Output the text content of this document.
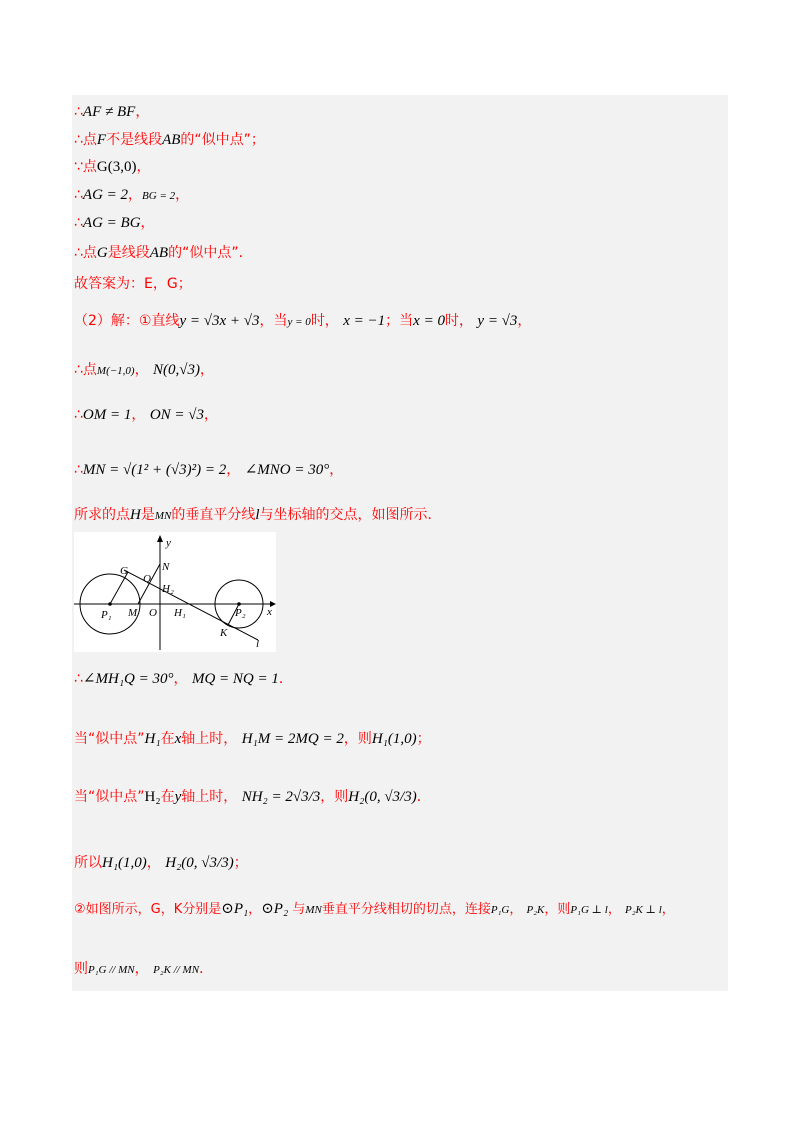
∴AF ≠ BF，
∴点F不是线段AB的“似中点”；
∵点G(3,0)，
∴AG = 2，BG = 2，
∴AG = BG，
∴点G是线段AB的“似中点”．
故答案为：E，G；
（2）解：①直线y = √3x + √3，当y = 0时， x = −1；当x = 0时， y = √3，
∴点M(−1,0)， N(0,√3)，
∴OM = 1， ON = √3，
∴MN = √(1² + (√3)²) = 2， ∠MNO = 30°，
所求的点H是MN的垂直平分线l与坐标轴的交点，如图所示．
y
x
N
G
Q
H₂
P₁ M O H₁	P₂
K
l
∴∠MH₁Q = 30°， MQ = NQ = 1．
当“似中点”H₁在x轴上时， H₁M = 2MQ = 2，则H₁(1,0)；
当“似中点”H₂在y轴上时， NH₂ = 2√3/3，则H₂(0, √3/3)．
所以H₁(1,0)， H₂(0, √3/3)；
②如图所示，G，K分别是⊙P₁，⊙P₂ 与MN垂直平分线相切的切点，连接P₁G， P₂K，则P₁G ⊥ l， P₂K ⊥ l，
则P₁G // MN， P₂K // MN．
